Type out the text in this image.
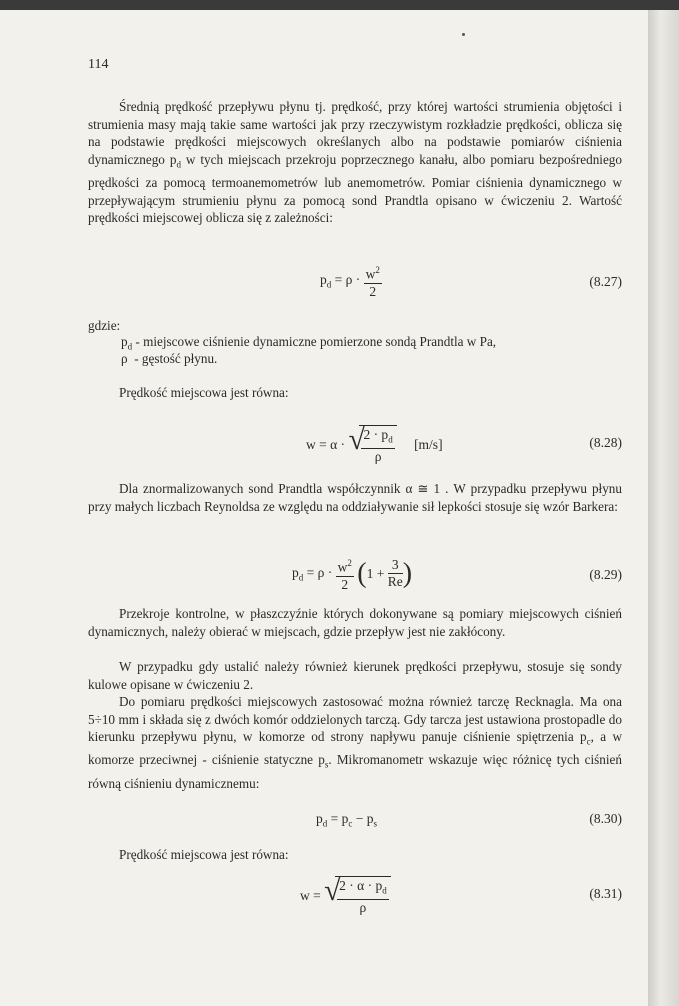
114

Średnią prędkość przepływu płynu tj. prędkość, przy której wartości strumienia objętości i strumienia masy mają takie same wartości jak przy rzeczywistym rozkładzie prędkości, oblicza się na podstawie prędkości miejscowych określanych albo na podstawie pomiarów ciśnienia dynamicznego $p_d$ w tych miejscach przekroju poprzecznego kanału, albo pomiaru bezpośredniego prędkości za pomocą termoanemometrów lub anemometrów. Pomiar ciśnienia dynamicznego w przepływającym strumieniu płynu za pomocą sond Prandtla opisano w ćwiczeniu 2. Wartość prędkości miejscowej oblicza się z zależności:

$p_d = \rho \cdot \frac{w^2}{2}$	(8.27)
gdzie:
$p_d$ - miejscowe ciśnienie dynamiczne pomierzone sondą Prandtla w Pa,
ρ  - gęstość płynu.
Prędkość miejscowa jest równa:
w = α · √
$\frac{2 \cdot p_d}{\rho} [m/s]$	(8.28)

Dla znormalizowanych sond Prandtla współczynnik α ≅ 1 . W przypadku przepływu płynu przy małych liczbach Reynoldsa ze względu na oddziaływanie sił lepkości stosuje się wzór Barkera:

$p_d = \rho \cdot \frac{w^2}{2} (1 + \frac{3}{Re}$ )	(8.29)

Przekroje kontrolne, w płaszczyźnie których dokonywane są pomiary miejscowych ciśnień dynamicznych, należy obierać w miejscach, gdzie przepływ jest nie zakłócony.

W przypadku gdy ustalić należy również kierunek prędkości przepływu, stosuje się sondy kulowe opisane w ćwiczeniu 2.

Do pomiaru prędkości miejscowych zastosować można również tarczę Recknagla. Ma ona 5÷10 mm i składa się z dwóch komór oddzielonych tarczą. Gdy tarcza jest ustawiona prostopadle do kierunku przepływu płynu, w komorze od strony napływu panuje ciśnienie spiętrzenia $p_c$, a w komorze przeciwnej - ciśnienie statyczne $p_s$. Mikromanometr wskazuje więc różnicę tych ciśnień równą ciśnieniu dynamicznemu:

$p_d = p_c - p_s$	(8.30)
Prędkość miejscowa jest równa:
w = √
$\frac{2 \cdot \alpha \cdot p_d}{\rho}$	(8.31)
